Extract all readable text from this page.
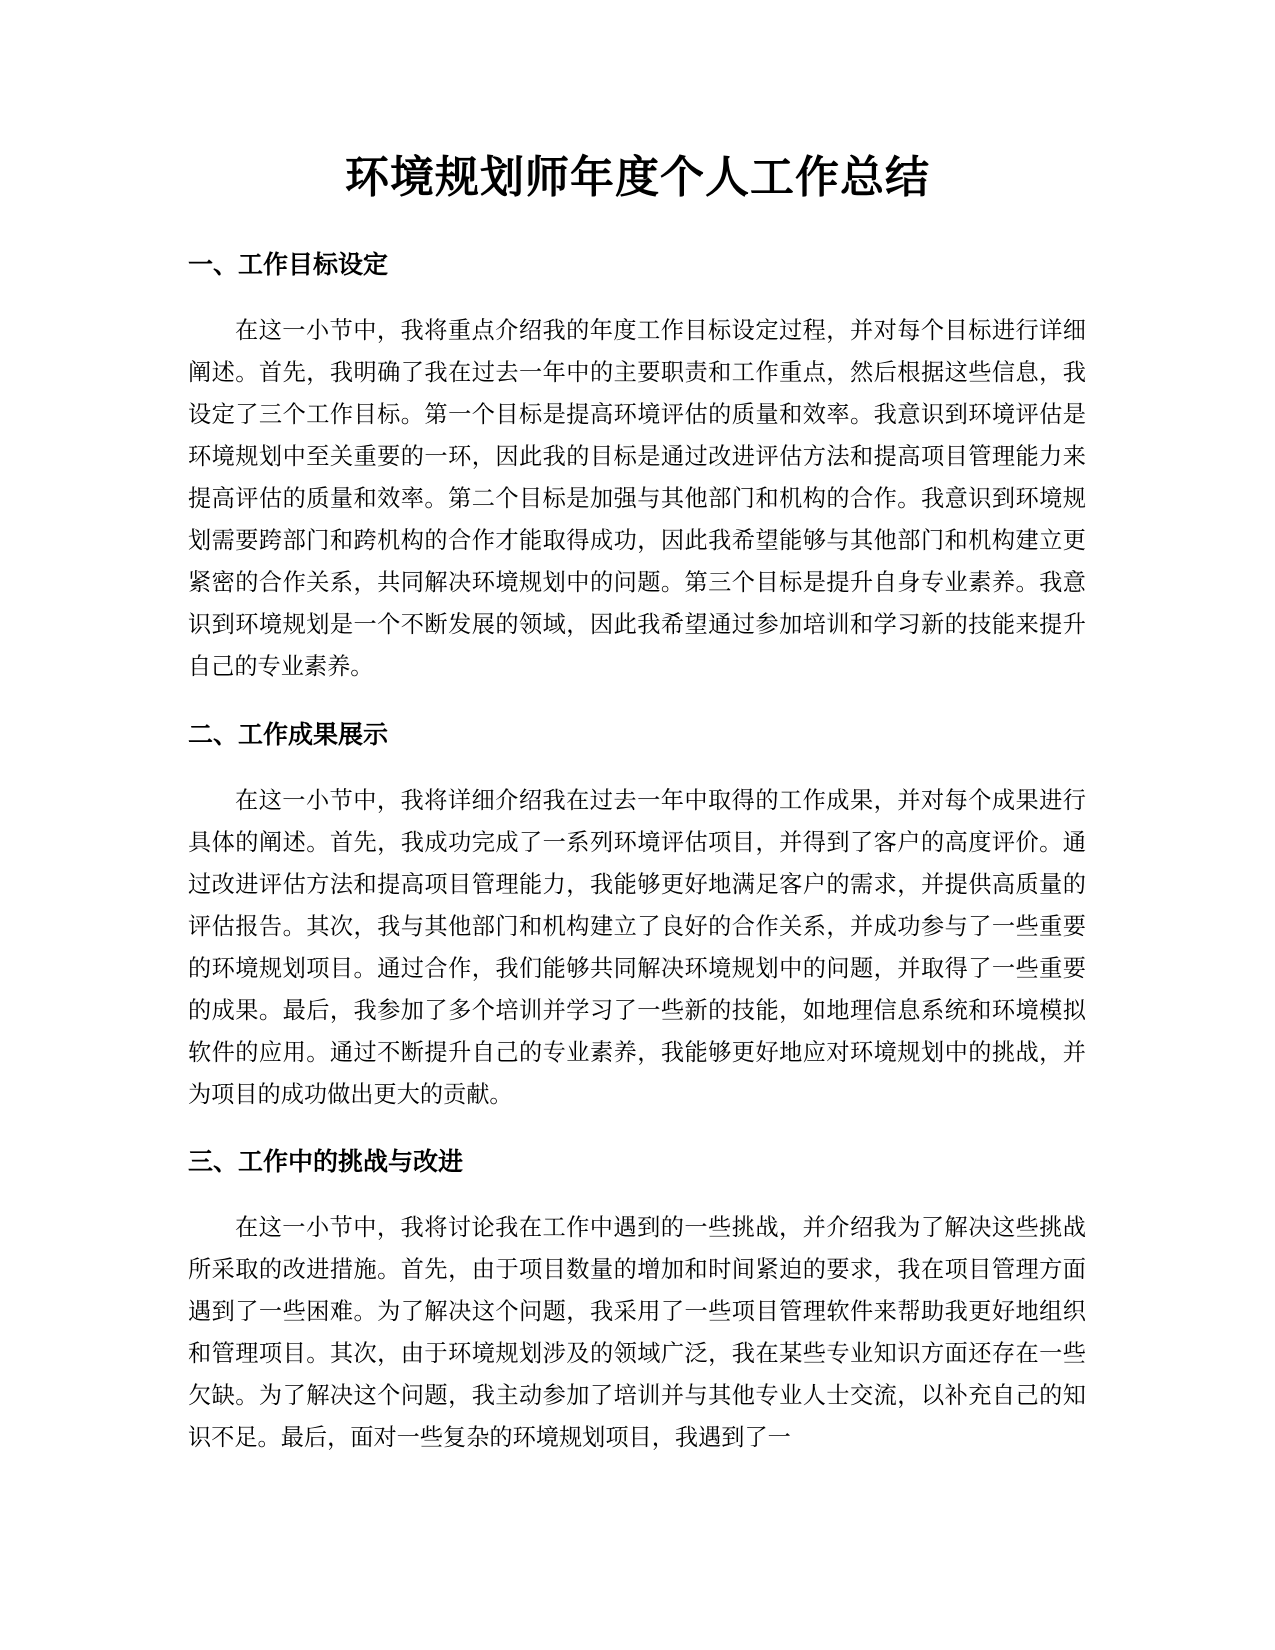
环境规划师年度个人工作总结
一、工作目标设定

在这一小节中，我将重点介绍我的年度工作目标设定过程，并对每个目标进行详细阐述。首先，我明确了我在过去一年中的主要职责和工作重点，然后根据这些信息，我设定了三个工作目标。第一个目标是提高环境评估的质量和效率。我意识到环境评估是环境规划中至关重要的一环，因此我的目标是通过改进评估方法和提高项目管理能力来提高评估的质量和效率。第二个目标是加强与其他部门和机构的合作。我意识到环境规划需要跨部门和跨机构的合作才能取得成功，因此我希望能够与其他部门和机构建立更紧密的合作关系，共同解决环境规划中的问题。第三个目标是提升自身专业素养。我意识到环境规划是一个不断发展的领域，因此我希望通过参加培训和学习新的技能来提升自己的专业素养。

二、工作成果展示

在这一小节中，我将详细介绍我在过去一年中取得的工作成果，并对每个成果进行具体的阐述。首先，我成功完成了一系列环境评估项目，并得到了客户的高度评价。通过改进评估方法和提高项目管理能力，我能够更好地满足客户的需求，并提供高质量的评估报告。其次，我与其他部门和机构建立了良好的合作关系，并成功参与了一些重要的环境规划项目。通过合作，我们能够共同解决环境规划中的问题，并取得了一些重要的成果。最后，我参加了多个培训并学习了一些新的技能，如地理信息系统和环境模拟软件的应用。通过不断提升自己的专业素养，我能够更好地应对环境规划中的挑战，并为项目的成功做出更大的贡献。

三、工作中的挑战与改进

在这一小节中，我将讨论我在工作中遇到的一些挑战，并介绍我为了解决这些挑战所采取的改进措施。首先，由于项目数量的增加和时间紧迫的要求，我在项目管理方面遇到了一些困难。为了解决这个问题，我采用了一些项目管理软件来帮助我更好地组织和管理项目。其次，由于环境规划涉及的领域广泛，我在某些专业知识方面还存在一些欠缺。为了解决这个问题，我主动参加了培训并与其他专业人士交流，以补充自己的知识不足。最后，面对一些复杂的环境规划项目，我遇到了一
